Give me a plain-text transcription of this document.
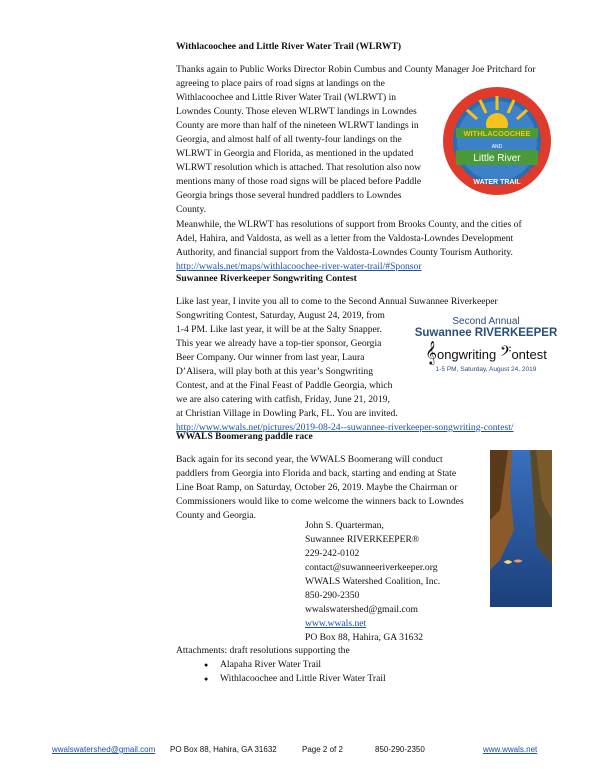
Withlacoochee and Little River Water Trail (WLRWT)

Thanks again to Public Works Director Robin Cumbus and County Manager Joe Pritchard for

agreeing to place pairs of road signs at landings on the

Withlacoochee and Little River Water Trail (WLRWT) in

Lowndes County. Those eleven WLRWT landings in Lowndes

County are more than half of the nineteen WLRWT landings in

Georgia, and almost half of all twenty-four landings on the

WLRWT in Georgia and Florida, as mentioned in the updated

WLRWT resolution which is attached. That resolution also now

mentions many of those road signs will be placed before Paddle

Georgia brings those several hundred paddlers to Lowndes

County.

WITHLACOOCHEE
AND
Little River
WATER TRAIL

Meanwhile, the WLRWT has resolutions of support from Brooks County, and the cities of

Adel, Hahira, and Valdosta, as well as a letter from the Valdosta-Lowndes Development

Authority, and financial support from the Valdosta-Lowndes County Tourism Authority.

http://wwals.net/maps/withlacoochee-river-water-trail/#Sponsor

Suwannee Riverkeeper Songwriting Contest

Like last year, I invite you all to come to the Second Annual Suwannee Riverkeeper

Songwriting Contest, Saturday, August 24, 2019, from

1-4 PM. Like last year, it will be at the Salty Snapper.

This year we already have a top-tier sponsor, Georgia

Beer Company. Our winner from last year, Laura

D’Alisera, will play both at this year’s Songwriting

Contest, and at the Final Feast of Paddle Georgia, which

we are also catering with catfish, Friday, June 21, 2019,

at Christian Village in Dowling Park, FL. You are invited.

http://www.wwals.net/pictures/2019-08-24--suwannee-riverkeeper-songwriting-contest/

Second Annual
Suwannee RIVERKEEPER
𝄞ongwriting 𝄢ontest
1-5 PM, Saturday, August 24, 2019
WWALS Boomerang paddle race

Back again for its second year, the WWALS Boomerang will conduct

paddlers from Georgia into Florida and back, starting and ending at State

Line Boat Ramp, on Saturday, October 26, 2019. Maybe the Chairman or

Commissioners would like to come welcome the winners back to Lowndes

County and Georgia.

John S. Quarterman,

Suwannee RIVERKEEPER®

229-242-0102

contact@suwanneeriverkeeper.org

WWALS Watershed Coalition, Inc.

850-290-2350

wwalswatershed@gmail.com

www.wwals.net

PO Box 88, Hahira, GA 31632

Attachments: draft resolutions supporting the

● Alapaha River Water Trail
● Withlacoochee and Little River Water Trail
wwalswatershed@gmail.com PO Box 88, Hahira, GA 31632	Page 2 of 2	850-290-2350	www.wwals.net
